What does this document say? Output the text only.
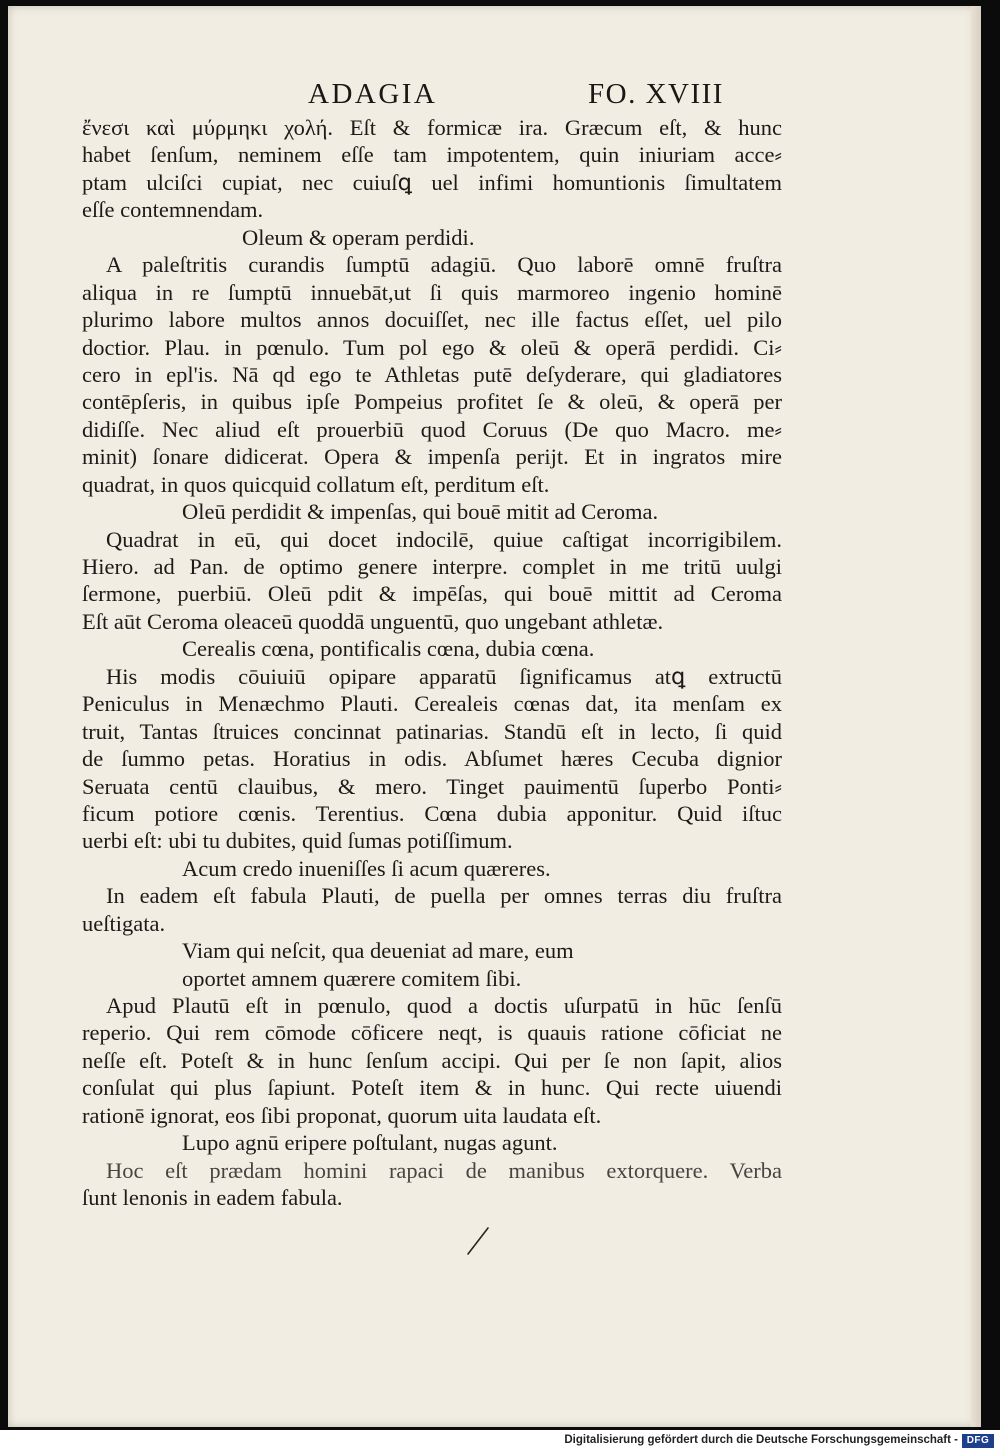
ADAGIA	FO. XVIII
ἔνεσι καὶ μύρμηκι χολή. Eſt & formicæ ira. Græcum eſt, & hunc
habet ſenſum, neminem eſſe tam impotentem, quin iniuriam acce⸗
ptam ulciſci cupiat, nec cuiuſꝗ uel infimi homuntionis ſimultatem
eſſe contemnendam.
Oleum & operam perdidi.
A paleſtritis curandis ſumptū adagiū. Quo laborē omnē fruſtra
aliqua in re ſumptū innuebāt,ut ſi quis marmoreo ingenio hominē
plurimo labore multos annos docuiſſet, nec ille factus eſſet, uel pilo
doctior. Plau. in pœnulo. Tum pol ego & oleū & operā perdidi. Ci⸗
cero in epl'is. Nā qd ego te Athletas putē deſyderare, qui gladiatores
contēpſeris, in quibus ipſe Pompeius profitet ſe & oleū, & operā per
didiſſe. Nec aliud eſt prouerbiū quod Coruus (De quo Macro. me⸗
minit) ſonare didicerat. Opera & impenſa perijt. Et in ingratos mire
quadrat, in quos quicquid collatum eſt, perditum eſt.
Oleū perdidit & impenſas, qui bouē mitit ad Ceroma.
Quadrat in eū, qui docet indocilē, quiue caſtigat incorrigibilem.
Hiero. ad Pan. de optimo genere interpre. complet in me tritū uulgi
ſermone, puerbiū. Oleū pdit & impēſas, qui bouē mittit ad Ceroma
Eſt aūt Ceroma oleaceū quoddā unguentū, quo ungebant athletæ.
Cerealis cœna, pontificalis cœna, dubia cœna.
His modis cōuiuiū opipare apparatū ſignificamus atꝗ extructū
Peniculus in Menæchmo Plauti. Cerealeis cœnas dat, ita menſam ex
truit, Tantas ſtruices concinnat patinarias. Standū eſt in lecto, ſi quid
de ſummo petas. Horatius in odis. Abſumet hæres Cecuba dignior
Seruata centū clauibus, & mero. Tinget pauimentū ſuperbo Ponti⸗
ficum potiore cœnis. Terentius. Cœna dubia apponitur. Quid iſtuc
uerbi eſt: ubi tu dubites, quid ſumas potiſſimum.
Acum credo inueniſſes ſi acum quæreres.
In eadem eſt fabula Plauti, de puella per omnes terras diu fruſtra
ueſtigata.
Viam qui neſcit, qua deueniat ad mare, eum
oportet amnem quærere comitem ſibi.
Apud Plautū eſt in pœnulo, quod a doctis uſurpatū in hūc ſenſū
reperio. Qui rem cōmode cōficere neqt, is quauis ratione cōficiat ne
neſſe eſt. Poteſt & in hunc ſenſum accipi. Qui per ſe non ſapit, alios
conſulat qui plus ſapiunt. Poteſt item & in hunc. Qui recte uiuendi
rationē ignorat, eos ſibi proponat, quorum uita laudata eſt.
Lupo agnū eripere poſtulant, nugas agunt.
Hoc eſt prædam homini rapaci de manibus extorquere. Verba
ſunt lenonis in eadem fabula.
Digitalisierung gefördert durch die Deutsche Forschungsgemeinschaft - DFG
